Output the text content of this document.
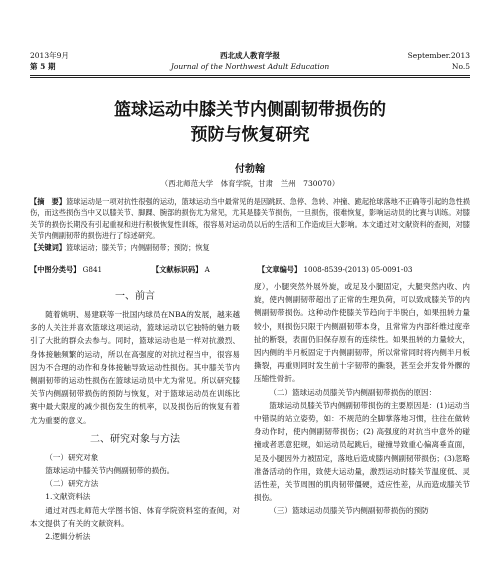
2013年9月
第 5 期
西北成人教育学报
Journal of the Northwest Adult Education
September.2013
No.5
篮球运动中膝关节内侧副韧带损伤的
预防与恢复研究
付勃翰
（西北师范大学　体育学院，甘肃　兰州　730070）
【摘　要】篮球运动是一项对抗性很强的运动，篮球运动当中最常见的是因跳跃、急停、急转、冲撞、跪起抢球落地不正确等引起的急性损伤，而这些损伤当中又以膝关节、脚踝、腕部的损伤尤为常见，尤其是膝关节损伤，一旦损伤，很难恢复，影响运动员的比赛与训练。对膝关节的损伤长期没有引起重视和进行积极恢复性训练，很容易对运动员以后的生活和工作造成巨大影响。本文通过对文献资料的查阅，对膝关节内侧副韧带的损伤进行了综述研究。
【关键词】篮球运动；膝关节；内侧副韧带；预防；恢复
【中图分类号】 G841	【文献标识码】 A	【文章编号】 1008-8539-(2013) 05-0091-03
一、前言

随着姚明、易建联等一批国内球员在NBA的发展，越来越多的人关注并喜欢篮球这项运动，篮球运动以它独特的魅力吸引了大批的群众去参与。同时，篮球运动也是一样对抗激烈、身体接触频繁的运动，所以在高强度的对抗过程当中，很容易因为不合理的动作和身体接触导致运动性损伤。其中膝关节内侧副韧带的运动性损伤在篮球运动员中尤为常见。所以研究膝关节内侧副韧带损伤的预防与恢复，对于篮球运动员在训练比赛中最大限度的减少损伤发生的机率，以及损伤后的恢复有着尤为重要的意义。

二、研究对象与方法

（一）研究对象

篮球运动中膝关节内侧副韧带的损伤。

（二）研究方法

1.文献资料法

通过对西北师范大学图书馆、体育学院资料室的查阅，对本文提供了有关的文献资料。

2.逻辑分析法

度），小腿突然外展外旋，或足及小腿固定，大腿突然内收、内旋，使内侧副韧带超出了正常的生理负荷，可以致成膝关节的内侧副韧带损伤。这种动作使膝关节趋向于半脱白，如果扭转力量较小，则损伤只限于内侧副韧带本身，且常常为内部纤维过度牵扯的断裂，表面仍旧保存原有的连续性。如果扭转的力量较大，因内侧的半月板固定于内侧副韧带，所以常常同时将内侧半月板撕裂，再重则同时发生前十字韧带的撕裂，甚至会并发骨外髁的压缩性骨折。

（二）篮球运动员膝关节内侧副韧带损伤的原因：

篮球运动员膝关节内侧副韧带损伤的主要原因是：(1)运动当中错误的站立姿势，如：不规范的全脚掌落地习惯，往往在做转身动作时，使内侧副韧带损伤；(2) 高强度的对抗当中意外的碰撞或者恶意犯规，如运动员起跳后，碰撞导致重心偏离垂直面，足及小腿因外力被固定，落地后造成膝内侧副韧带损伤；(3)忽略准备活动的作用，致使大运动量，激烈运动时膝关节温度低、灵活性差，关节周围的肌肉韧带僵硬，适应性差，从而造成膝关节损伤。

（三）篮球运动员膝关节内侧副韧带损伤的预防
